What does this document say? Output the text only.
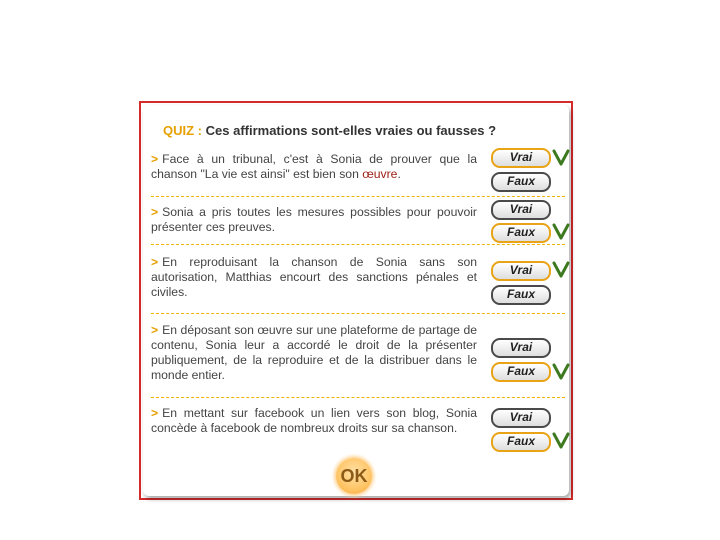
QUIZ : Ces affirmations sont-elles vraies ou fausses ?
> Face à un tribunal, c'est à Sonia de prouver que la chanson "La vie est ainsi" est bien son œuvre.
Vrai
Faux
> Sonia a pris toutes les mesures possibles pour pouvoir présenter ces preuves.
Vrai
Faux
> En reproduisant la chanson de Sonia sans son autorisation, Matthias encourt des sanctions pénales et civiles.
Vrai
Faux
> En déposant son œuvre sur une plateforme de partage de contenu, Sonia leur a accordé le droit de la présenter publiquement, de la reproduire et de la distribuer dans le monde entier.
Vrai
Faux
> En mettant sur facebook un lien vers son blog, Sonia concède à facebook de nombreux droits sur sa chanson.
Vrai
Faux
OK
